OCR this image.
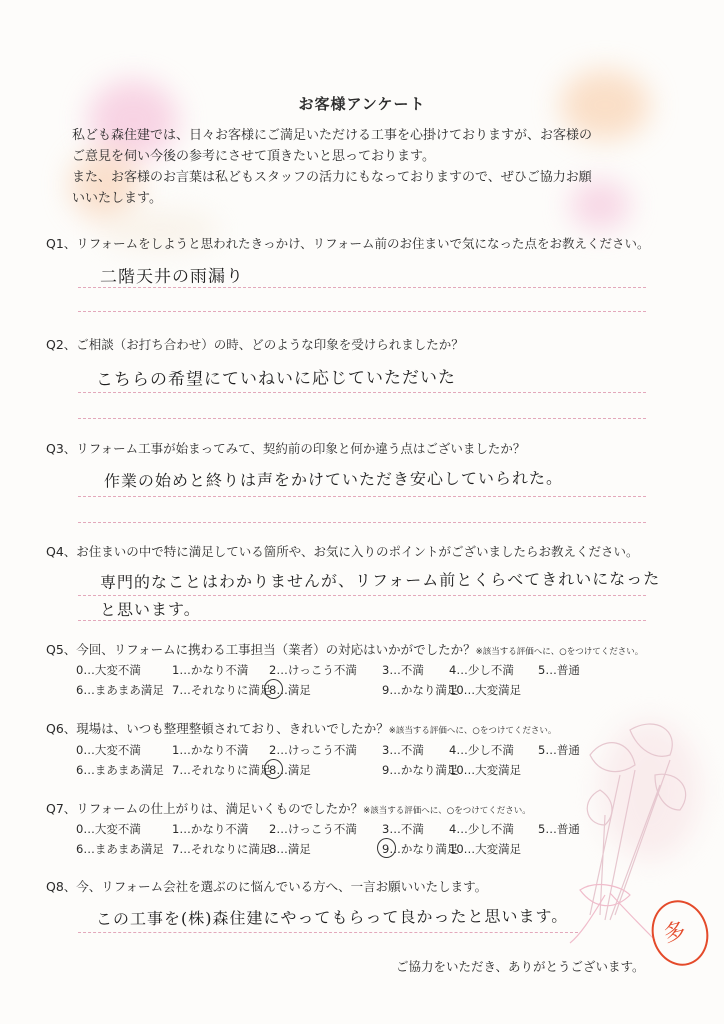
お客様アンケート

私ども森住建では、日々お客様にご満足いただける工事を心掛けておりますが、お客様の
ご意見を伺い今後の参考にさせて頂きたいと思っております。
また、お客様のお言葉は私どもスタッフの活力にもなっておりますので、ぜひご協力お願
いいたします。

Q1、リフォームをしようと思われたきっかけ、リフォーム前のお住まいで気になった点をお教えください。
二階天井の雨漏り
Q2、ご相談（お打ち合わせ）の時、どのような印象を受けられましたか？
こちらの希望にていねいに応じていただいた
Q3、リフォーム工事が始まってみて、契約前の印象と何か違う点はございましたか？
作業の始めと終りは声をかけていただき安心していられた。
Q4、お住まいの中で特に満足している箇所や、お気に入りのポイントがございましたらお教えください。
専門的なことはわかりませんが、リフォーム前とくらべてきれいになった
と思います。
Q5、今回、リフォームに携わる工事担当（業者）の対応はいかがでしたか？※該当する評価へに、○をつけてください。
0…大変不満	1…かなり不満 2…けっこう不満 3…不満 4…少し不満 5…普通
6…まあまあ満足 7…それなりに満足
8…満足	9…かなり満足
10…大変満足
Q6、現場は、いつも整理整頓されており、きれいでしたか？※該当する評価へに、○をつけてください。
0…大変不満	1…かなり不満 2…けっこう不満 3…不満 4…少し不満 5…普通
6…まあまあ満足 7…それなりに満足
8…満足	9…かなり満足
10…大変満足
Q7、リフォームの仕上がりは、満足いくものでしたか？※該当する評価へに、○をつけてください。
0…大変不満	1…かなり不満 2…けっこう不満 3…不満 4…少し不満 5…普通
6…まあまあ満足 7…それなりに満足
8…満足	9…かなり満足
10…大変満足
Q8、今、リフォーム会社を選ぶのに悩んでいる方へ、一言お願いいたします。
この工事を(株)森住建にやってもらって良かったと思います。
ご協力をいただき、ありがとうございます。
多
